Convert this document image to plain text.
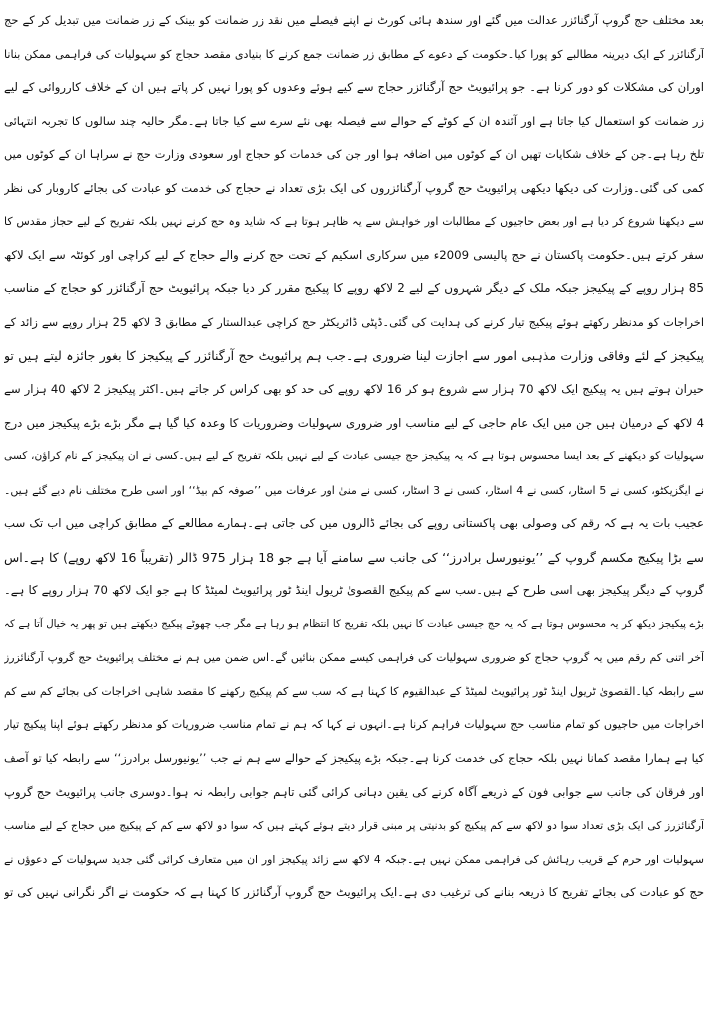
بعد مختلف حج گروپ آرگنائزر عدالت میں گئے اور سندھ ہائی کورٹ نے اپنے فیصلے میں نقد زر ضمانت کو بینک کے زر ضمانت میں تبدیل کر کے حج
آرگنائزر کے ایک دیرینہ مطالبے کو پورا کیا۔حکومت کے دعوے کے مطابق زر ضمانت جمع کرنے کا بنیادی مقصد حجاج کو سہولیات کی فراہمی ممکن بنانا
اوران کی مشکلات کو دور کرنا ہے۔ جو پرائیویٹ حج آرگنائزر حجاج سے کیے ہوئے وعدوں کو پورا نہیں کر پاتے ہیں ان کے خلاف کارروائی کے لیے
زر ضمانت کو استعمال کیا جاتا ہے اور آئندہ ان کے کوٹے کے حوالے سے فیصلہ بھی نئے سرے سے کیا جاتا ہے۔مگر حالیہ چند سالوں کا تجربہ انتہائی
تلخ رہا ہے۔جن کے خلاف شکایات تھیں ان کے کوٹوں میں اضافہ ہوا اور جن کی خدمات کو حجاج اور سعودی وزارت حج نے سراہا ان کے کوٹوں میں
کمی کی گئی۔وزارت کی دیکھا دیکھی پرائیویٹ حج گروپ آرگنائزروں کی ایک بڑی تعداد نے حجاج کی خدمت کو عبادت کی بجائے کاروبار کی نظر
سے دیکھنا شروع کر دیا ہے اور بعض حاجیوں کے مطالبات اور خواہش سے یہ ظاہر ہوتا ہے کہ شاید وہ حج کرنے نہیں بلکہ تفریح کے لیے حجاز مقدس کا
سفر کرتے ہیں۔حکومت پاکستان نے حج پالیسی 2009ء میں سرکاری اسکیم کے تحت حج کرنے والے حجاج کے لیے کراچی اور کوئٹہ سے ایک لاکھ
85 ہزار روپے کے پیکیجز جبکہ ملک کے دیگر شہروں کے لیے 2 لاکھ روپے کا پیکیج مقرر کر دیا جبکہ پرائیویٹ حج آرگنائزر کو حجاج کے مناسب
اخراجات کو مدنظر رکھتے ہوئے پیکیج تیار کرنے کی ہدایت کی گئی۔ڈپٹی ڈائریکٹر حج کراچی عبدالستار کے مطابق 3 لاکھ 25 ہزار روپے سے زائد کے
پیکیجز کے لئے وفاقی وزارت مذہبی امور سے اجازت لینا ضروری ہے۔جب ہم پرائیویٹ حج آرگنائزر کے پیکیجز کا بغور جائزہ لیتے ہیں تو
حیران ہوتے ہیں یہ پیکیج ایک لاکھ 70 ہزار سے شروع ہو کر 16 لاکھ روپے کی حد کو بھی کراس کر جاتے ہیں۔اکثر پیکیجز 2 لاکھ 40 ہزار سے
4 لاکھ کے درمیان ہیں جن میں ایک عام حاجی کے لیے مناسب اور ضروری سہولیات وضروریات کا وعدہ کیا گیا ہے مگر بڑے بڑے پیکیجز میں درج
سہولیات کو دیکھنے کے بعد ایسا محسوس ہوتا ہے کہ یہ پیکیجز حج جیسی عبادت کے لیے نہیں بلکہ تفریح کے لیے ہیں۔کسی نے ان پیکیجز کے نام کراؤن، کسی
نے ایگزیکٹو، کسی نے 5 اسٹار، کسی نے 4 اسٹار، کسی نے 3 اسٹار، کسی نے منیٰ اور عرفات میں ’’صوفہ کم بیڈ‘‘ اور اسی طرح مختلف نام دیے گئے ہیں۔
عجیب بات یہ ہے کہ رقم کی وصولی بھی پاکستانی روپے کی بجائے ڈالروں میں کی جاتی ہے۔ہمارے مطالعے کے مطابق کراچی میں اب تک سب
سے بڑا پیکیج مکسم گروپ کے ’’یونیورسل برادرز‘‘ کی جانب سے سامنے آیا ہے جو 18 ہزار 975 ڈالر (تقریباً 16 لاکھ روپے) کا ہے۔اس
گروپ کے دیگر پیکیجز بھی اسی طرح کے ہیں۔سب سے کم پیکیج القصویٰ ٹریول اینڈ ٹور پرائیویٹ لمیٹڈ کا ہے جو ایک لاکھ 70 ہزار روپے کا ہے۔
بڑے پیکیجز دیکھ کر یہ محسوس ہوتا ہے کہ یہ حج جیسی عبادت کا نہیں بلکہ تفریح کا انتظام ہو رہا ہے مگر جب چھوٹے پیکیج دیکھتے ہیں تو پھر یہ خیال آتا ہے کہ
آخر اتنی کم رقم میں یہ گروپ حجاج کو ضروری سہولیات کی فراہمی کیسے ممکن بنائیں گے۔اس ضمن میں ہم نے مختلف پرائیویٹ حج گروپ آرگنائزرز
سے رابطہ کیا۔القصویٰ ٹریول اینڈ ٹور پرائیویٹ لمیٹڈ کے عبدالقیوم کا کہنا ہے کہ سب سے کم پیکیج رکھنے کا مقصد شاہی اخراجات کی بجائے کم سے کم
اخراجات میں حاجیوں کو تمام مناسب حج سہولیات فراہم کرنا ہے۔انہوں نے کہا کہ ہم نے تمام مناسب ضروریات کو مدنظر رکھتے ہوئے اپنا پیکیج تیار
کیا ہے ہمارا مقصد کمانا نہیں بلکہ حجاج کی خدمت کرنا ہے۔جبکہ بڑے پیکیجز کے حوالے سے ہم نے جب ’’یونیورسل برادرز‘‘ سے رابطہ کیا تو آصف
اور فرقان کی جانب سے جوابی فون کے ذریعے آگاہ کرنے کی یقین دہانی کرائی گئی تاہم جوابی رابطہ نہ ہوا۔دوسری جانب پرائیویٹ حج گروپ
آرگنائزرز کی ایک بڑی تعداد سوا دو لاکھ سے کم پیکیج کو بدنیتی پر مبنی قرار دیتے ہوئے کہتے ہیں کہ سوا دو لاکھ سے کم کے پیکیج میں حجاج کے لیے مناسب
سہولیات اور حرم کے قریب رہائش کی فراہمی ممکن نہیں ہے۔جبکہ 4 لاکھ سے زائد پیکیجز اور ان میں متعارف کرائی گئی جدید سہولیات کے دعوؤں نے
حج کو عبادت کی بجائے تفریح کا ذریعہ بنانے کی ترغیب دی ہے۔ایک پرائیویٹ حج گروپ آرگنائزر کا کہنا ہے کہ حکومت نے اگر نگرانی نہیں کی تو
